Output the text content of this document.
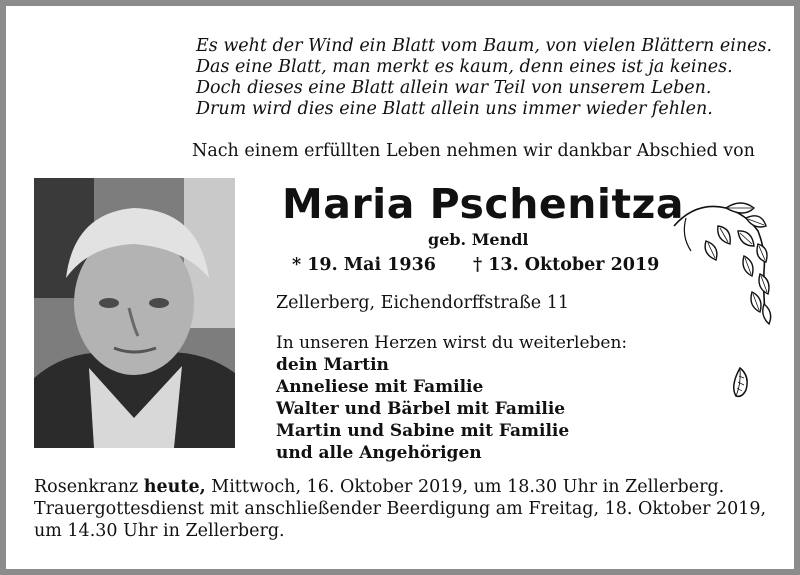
Es weht der Wind ein Blatt vom Baum, von vielen Blättern eines.
Das eine Blatt, man merkt es kaum, denn eines ist ja keines.
Doch dieses eine Blatt allein war Teil von unserem Leben.
Drum wird dies eine Blatt allein uns immer wieder fehlen.
Nach einem erfüllten Leben nehmen wir dankbar Abschied von
Maria Pschenitza
geb. Mendl
* 19. Mai 1936 † 13. Oktober 2019
Zellerberg, Eichendorffstraße 11
In unseren Herzen wirst du weiterleben:
dein Martin
Anneliese mit Familie
Walter und Bärbel mit Familie
Martin und Sabine mit Familie
und alle Angehörigen
Rosenkranz heute, Mittwoch, 16. Oktober 2019, um 18.30 Uhr in Zellerberg.
Trauergottesdienst mit anschließender Beerdigung am Freitag, 18. Oktober 2019,
um 14.30 Uhr in Zellerberg.
